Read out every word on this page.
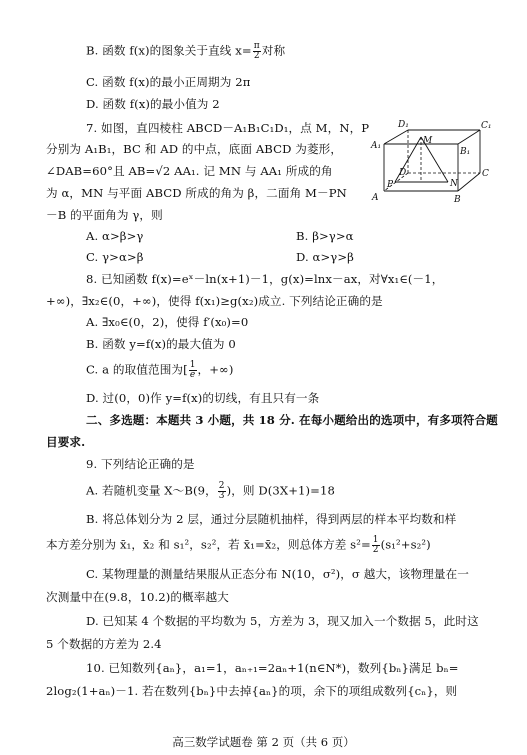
B. 函数 f(x)的图象关于直线 $x= \frac{\pi}{2}$ 对称
C. 函数 f(x)的最小正周期为 2π
D. 函数 f(x)的最小值为 2
7. 如图，直四棱柱 ABCD－A₁B₁C₁D₁，点 M，N，P
分别为 A₁B₁，BC 和 AD 的中点，底面 ABCD 为菱形，
∠DAB=60°且 AB=√2 AA₁. 记 MN 与 AA₁ 所成的角
为 α，MN 与平面 ABCD 所成的角为 β，二面角 M－PN
－B 的平面角为 γ，则
A. α>β>γ	B. β>γ>α
C. γ>α>β	D. α>γ>β
D₁	C₁
A₁
B₁
M
D	C
P	N
A	B
8. 已知函数 f(x)=eˣ－ln(x+1)－1，g(x)=lnx－ax，对∀x₁∈(－1，
+∞)，∃x₂∈(0，+∞)，使得 f(x₁)≥g(x₂)成立. 下列结论正确的是
A. ∃x₀∈(0，2)，使得 f′(x₀)=0
B. 函数 y=f(x)的最大值为 0
C. a 的取值范围为[ $\frac{1}{e}$ ，+∞)
D. 过(0，0)作 y=f(x)的切线，有且只有一条
二、多选题：本题共 3 小题，共 18 分. 在每小题给出的选项中，有多项符合题
目要求.
9. 下列结论正确的是
A. 若随机变量 X～B(9， $\frac{2}{3}$ )，则 D(3X+1)=18
B. 将总体划分为 2 层，通过分层随机抽样，得到两层的样本平均数和样
本方差分别为 x̄₁，x̄₂ 和 s₁²，s₂²，若 x̄₁=x̄₂，则总体方差 $s^2= \frac{1}{2} (s_1^2+s_2^2)$
C. 某物理量的测量结果服从正态分布 N(10，σ²)，σ 越大，该物理量在一
次测量中在(9.8，10.2)的概率越大
D. 已知某 4 个数据的平均数为 5，方差为 3，现又加入一个数据 5，此时这
5 个数据的方差为 2.4
10. 已知数列{aₙ}，a₁=1，aₙ₊₁=2aₙ+1(n∈N*)，数列{bₙ}满足 bₙ=
2log₂(1+aₙ)－1. 若在数列{bₙ}中去掉{aₙ}的项，余下的项组成数列{cₙ}，则
高三数学试题卷 第 2 页（共 6 页）
